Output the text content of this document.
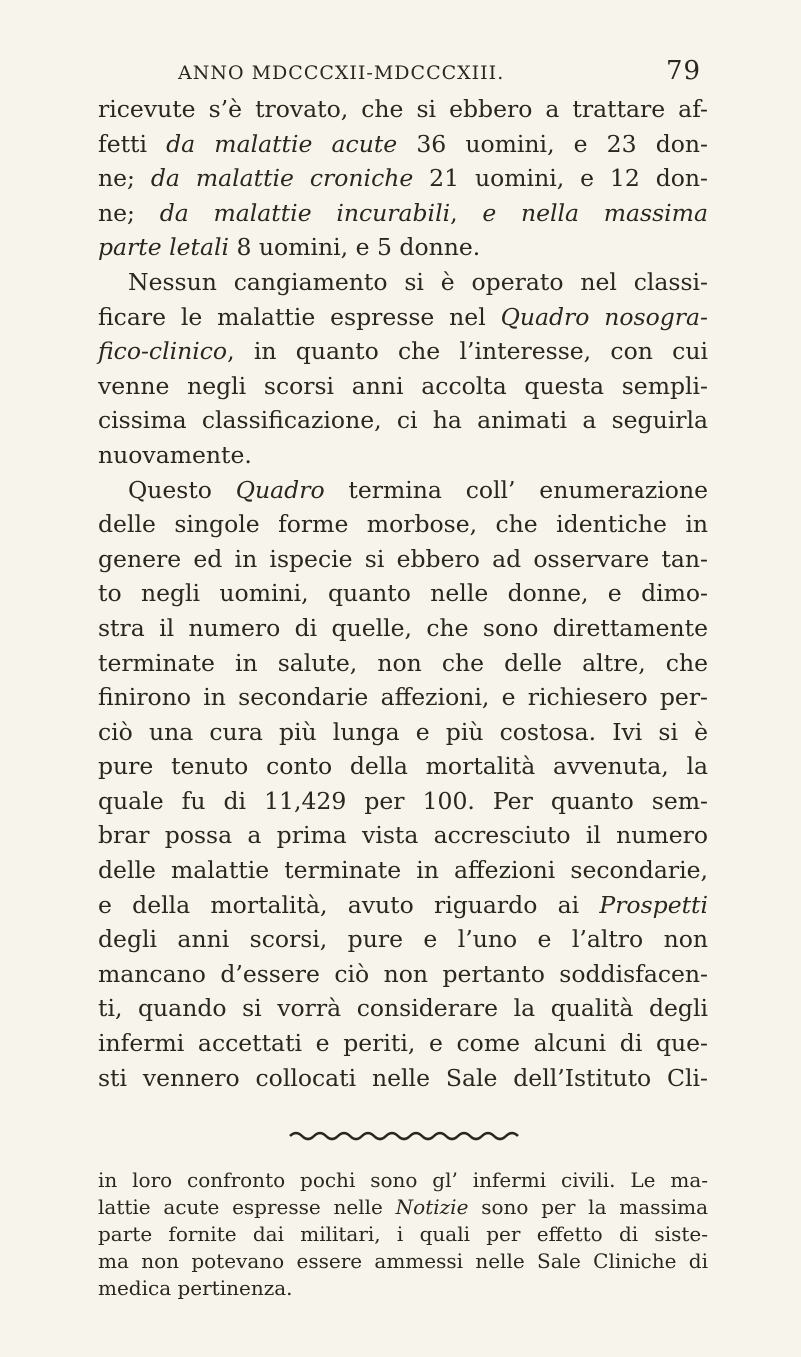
ANNO MDCCCXII-MDCCCXIII.	79
ricevute s’è trovato, che si ebbero a trattare af-
fetti da malattie acute 36 uomini, e 23 don-
ne; da malattie croniche 21 uomini, e 12 don-
ne; da malattie incurabili, e nella massima
parte letali 8 uomini, e 5 donne.
Nessun cangiamento si è operato nel classi-
ficare le malattie espresse nel Quadro nosogra-
fico-clinico, in quanto che l’interesse, con cui
venne negli scorsi anni accolta questa sempli-
cissima classificazione, ci ha animati a seguirla
nuovamente.
Questo Quadro termina coll’ enumerazione
delle singole forme morbose, che identiche in
genere ed in ispecie si ebbero ad osservare tan-
to negli uomini, quanto nelle donne, e dimo-
stra il numero di quelle, che sono direttamente
terminate in salute, non che delle altre, che
finirono in secondarie affezioni, e richiesero per-
ciò una cura più lunga e più costosa. Ivi si è
pure tenuto conto della mortalità avvenuta, la
quale fu di 11,429 per 100. Per quanto sem-
brar possa a prima vista accresciuto il numero
delle malattie terminate in affezioni secondarie,
e della mortalità, avuto riguardo ai Prospetti
degli anni scorsi, pure e l’uno e l’altro non
mancano d’essere ciò non pertanto soddisfacen-
ti, quando si vorrà considerare la qualità degli
infermi accettati e periti, e come alcuni di que-
sti vennero collocati nelle Sale dell’Istituto Cli-
in loro confronto pochi sono gl’ infermi civili. Le ma-
lattie acute espresse nelle Notizie sono per la massima
parte fornite dai militari, i quali per effetto di siste-
ma non potevano essere ammessi nelle Sale Cliniche di
medica pertinenza.
